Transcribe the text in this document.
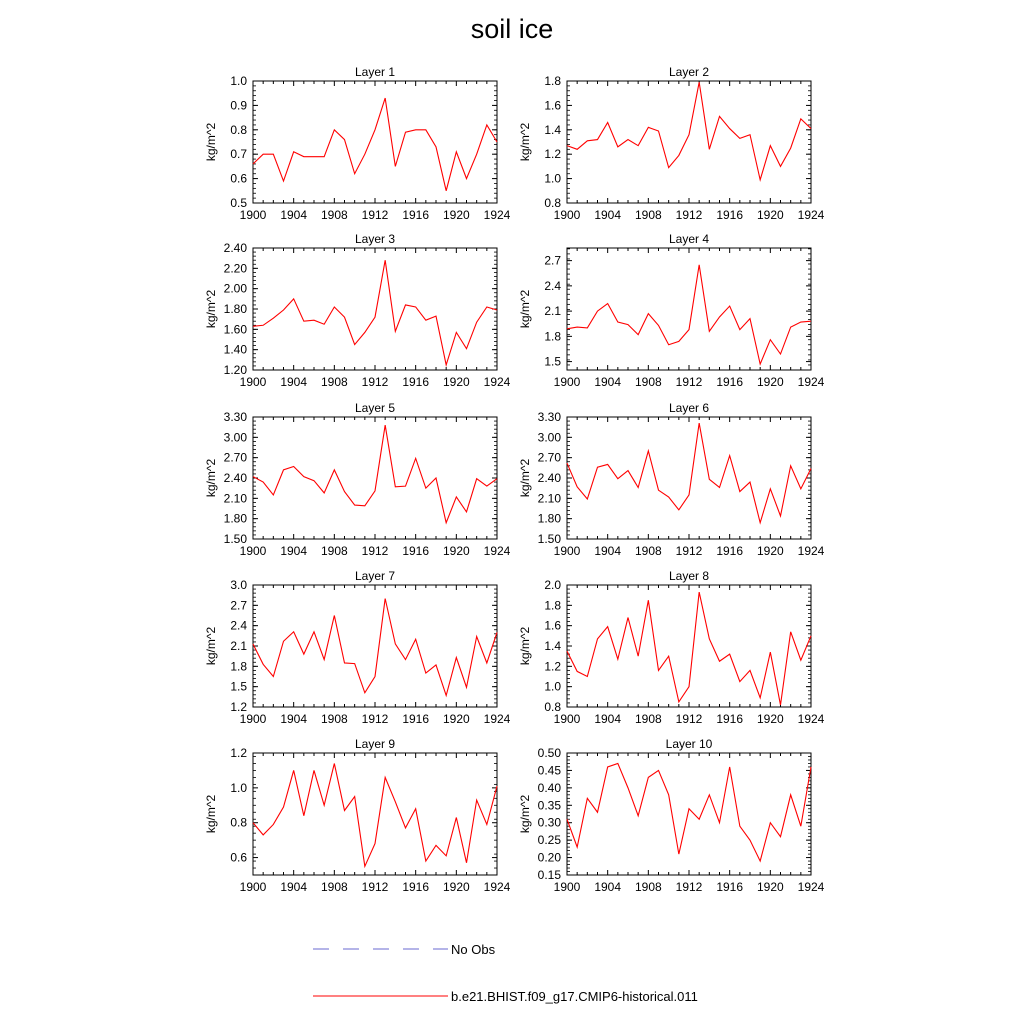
soil ice
Layer 1
kg/m^2
1900 1904 1908 1912 1916 1920 1924
0.5
0.6
0.7
0.8
0.9
1.0
Layer 2
kg/m^2
1900 1904 1908 1912 1916 1920 1924
0.8
1.0
1.2
1.4
1.6
1.8
Layer 3
kg/m^2
1900 1904 1908 1912 1916 1920 1924
1.20
1.40
1.60
1.80
2.00
2.20
2.40
Layer 4
kg/m^2
1900 1904 1908 1912 1916 1920 1924
1.5
1.8
2.1
2.4
2.7
Layer 5
kg/m^2
1900 1904 1908 1912 1916 1920 1924
1.50
1.80
2.10
2.40
2.70
3.00
3.30
Layer 6
kg/m^2
1900 1904 1908 1912 1916 1920 1924
1.50
1.80
2.10
2.40
2.70
3.00
3.30
Layer 7
kg/m^2
1900 1904 1908 1912 1916 1920 1924
1.2
1.5
1.8
2.1
2.4
2.7
3.0
Layer 8
kg/m^2
1900 1904 1908 1912 1916 1920 1924
0.8
1.0
1.2
1.4
1.6
1.8
2.0
Layer 9
kg/m^2
1900 1904 1908 1912 1916 1920 1924
0.6
0.8
1.0
1.2
Layer 10
kg/m^2
1900 1904 1908 1912 1916 1920 1924
0.15
0.20
0.25
0.30
0.35
0.40
0.45
0.50
No Obs
b.e21.BHIST.f09_g17.CMIP6-historical.011
